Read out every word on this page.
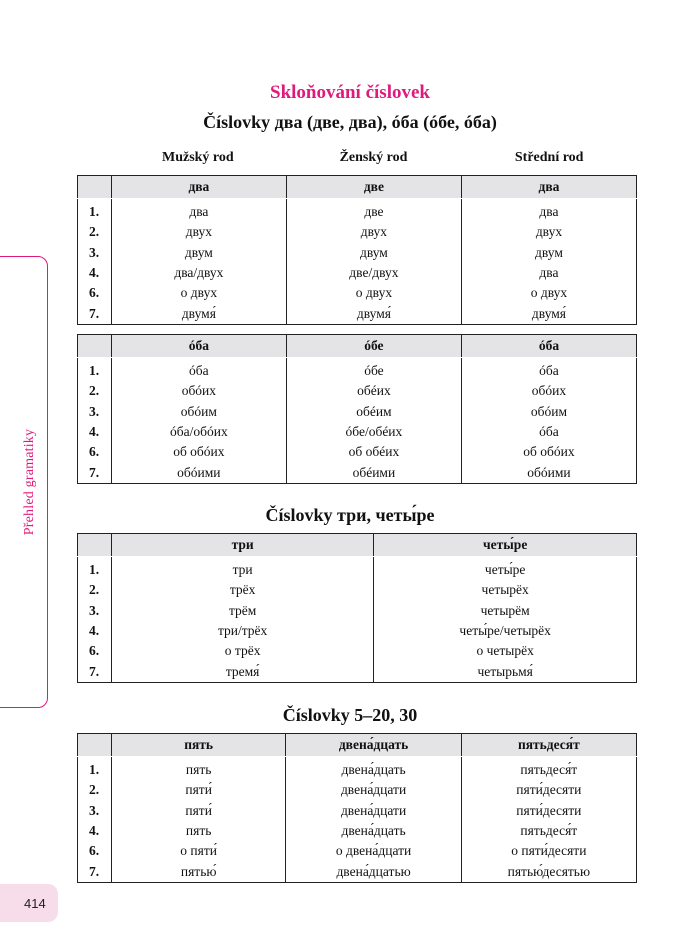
Přehled gramatiky
414
Skloňování číslovek
Číslovky два (две, два), óба (óбе, óба)
Mužský rod	Ženský rod	Střední rod
	два	две	два
1.	два	две	два
2.	двух	двух	двух
3.	двум	двум	двум
4.	два/двух	две/двух	два
6.	о двух	о двух	о двух
7.	двумя́	двумя́	двумя́
	óба	óбе	óба
1.	óба	óбе	óба
2.	обóих	обéих	обóих
3.	обóим	обéим	обóим
4.	óба/обóих	óбе/обéих	óба
6.	об обóих	об обéих	об обóих
7.	обóими	обéими	обóими
Číslovky три, четы́ре
	три	четы́ре
1.	три	четы́ре
2.	трёх	четырёх
3.	трём	четырём
4.	три/трёх	четы́ре/четырёх
6.	о трёх	о четырёх
7.	тремя́	четырьмя́
Číslovky 5–20, 30
	пять	двена́дцать	пятьдеся́т
1.	пять	двена́дцать	пятьдеся́т
2.	пяти́	двена́дцати	пяти́десяти
3.	пяти́	двена́дцати	пяти́десяти
4.	пять	двена́дцать	пятьдеся́т
6.	о пяти́	о двена́дцати	о пяти́десяти
7.	пятью́	двена́дцатью	пятью́десятью
